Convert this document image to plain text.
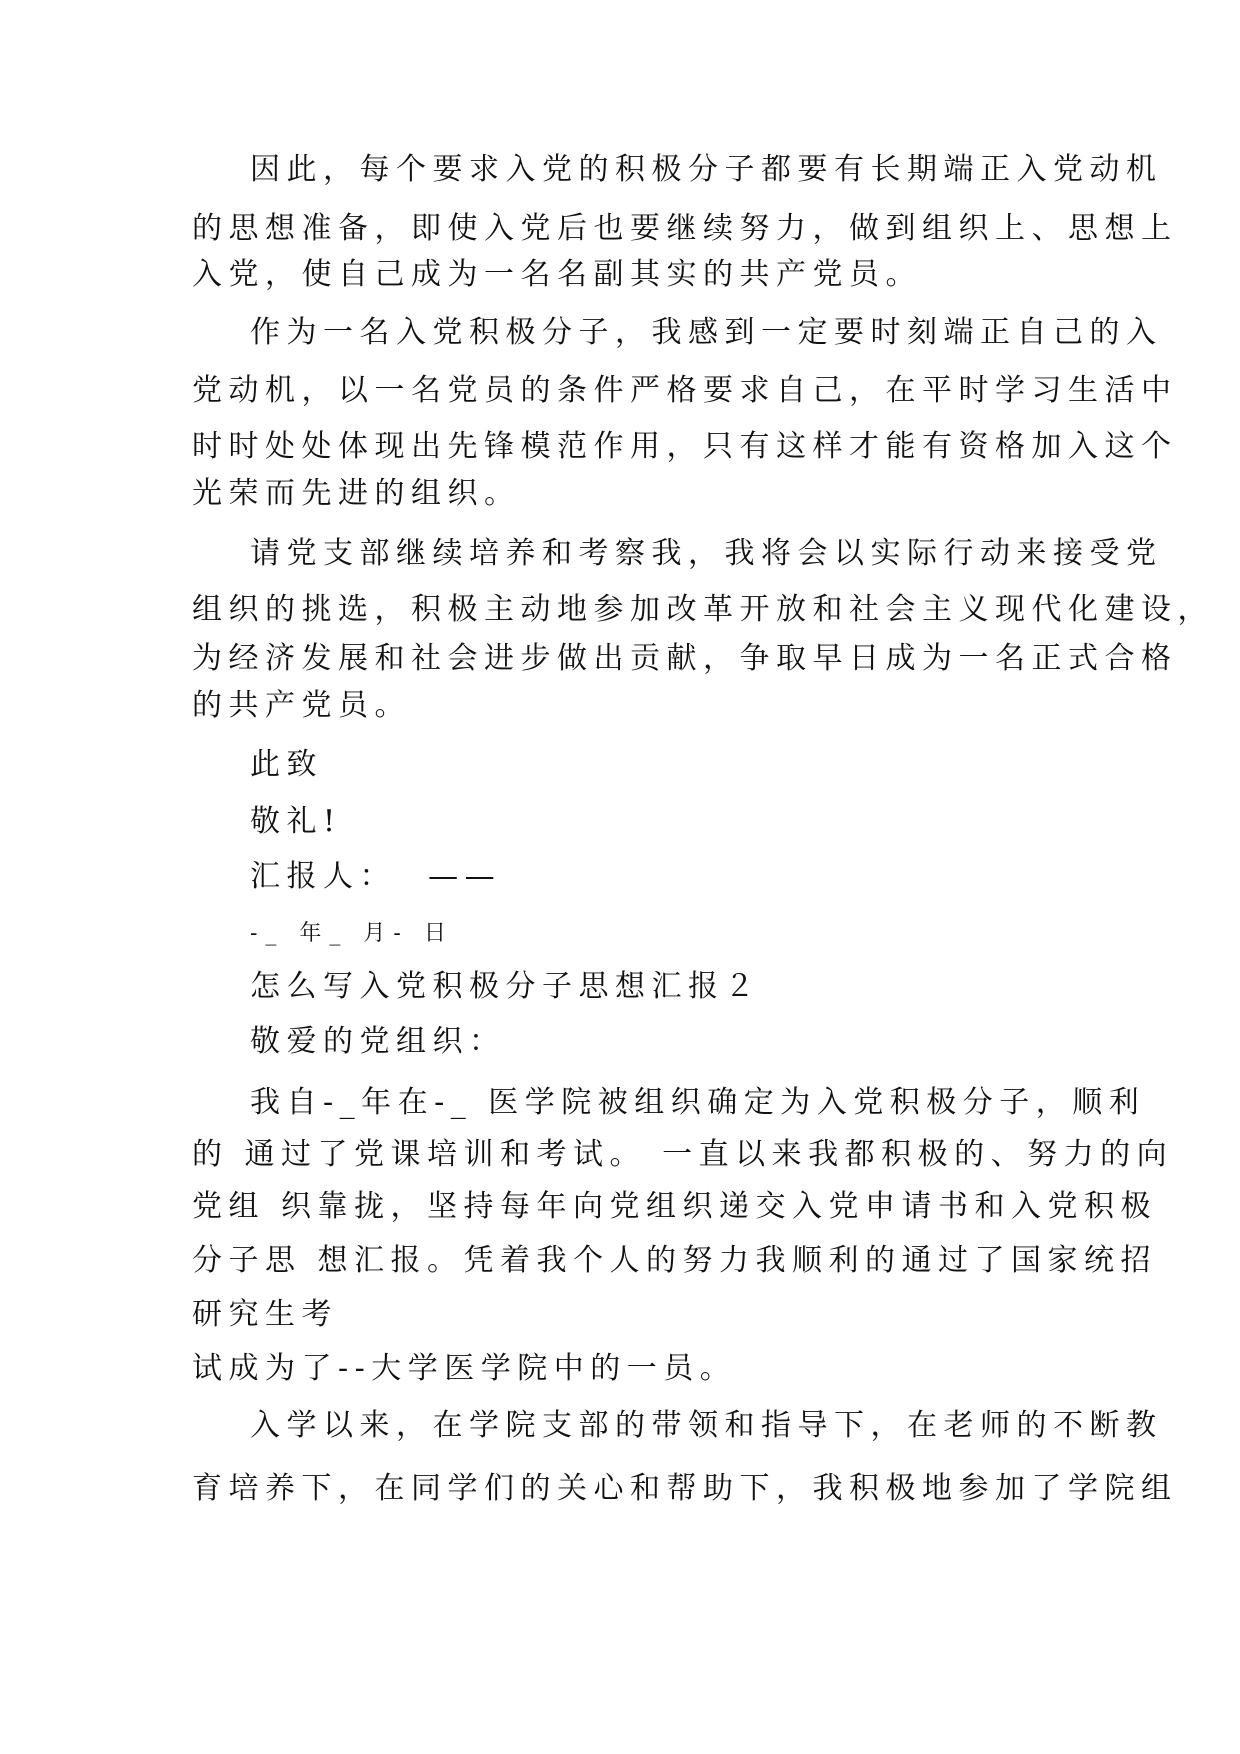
因此，每个要求入党的积极分子都要有长期端正入党动机
的思想准备，即使入党后也要继续努力，做到组织上、思想上
入党，使自己成为一名名副其实的共产党员。
作为一名入党积极分子，我感到一定要时刻端正自己的入
党动机，以一名党员的条件严格要求自己，在平时学习生活中
时时处处体现出先锋模范作用，只有这样才能有资格加入这个
光荣而先进的组织。
请党支部继续培养和考察我，我将会以实际行动来接受党
组织的挑选，积极主动地参加改革开放和社会主义现代化建设，
为经济发展和社会进步做出贡献，争取早日成为一名正式合格
的共产党员。
此致
敬礼!
汇报人：  ——
-_ 年_ 月- 日
怎么写入党积极分子思想汇报２
敬爱的党组织：
我自-_年在-_ 医学院被组织确定为入党积极分子，顺利
的 通过了党课培训和考试。 一直以来我都积极的、努力的向
党组 织靠拢，坚持每年向党组织递交入党申请书和入党积极
分子思 想汇报。凭着我个人的努力我顺利的通过了国家统招
研究生考
试成为了--大学医学院中的一员。
入学以来，在学院支部的带领和指导下，在老师的不断教
育培养下，在同学们的关心和帮助下，我积极地参加了学院组
